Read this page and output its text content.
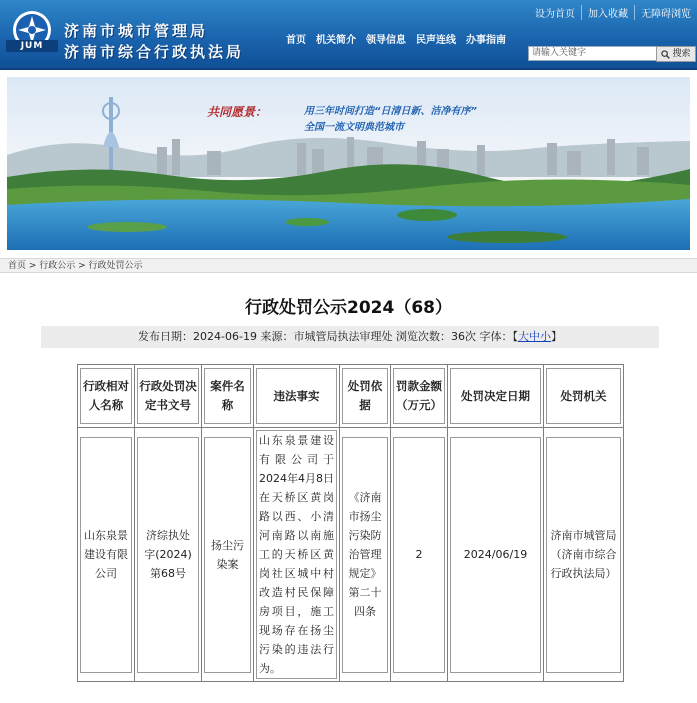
JUM
济南市城市管理局
济南市综合行政执法局
设为首页	加入收藏	无障碍浏览
首页 机关简介 领导信息 民声连线 办事指南
请输入关键字
搜索
共同愿景：	用三年时间打造“日清日新、洁净有序”
全国一流文明典范城市
首页 > 行政公示 > 行政处罚公示
行政处罚公示2024（68）
发布日期：2024-06-19 来源：市城管局执法审理处 浏览次数：36次 字体：【大中小】
行政相对人名称	行政处罚决定书文号	案件名称	违法事实	处罚依据	罚款金额（万元）	处罚决定日期	处罚机关

山东泉景建设有限公司	济综执处字(2024)第68号	扬尘污染案	山东泉景建设有限公司于2024年4月8日在天桥区黄岗路以西、小清河南路以南施工的天桥区黄岗社区城中村改造村民保障房项目，施工现场存在扬尘污染的违法行为。	《济南市扬尘污染防治管理规定》第二十四条	2	2024/06/19	济南市城管局（济南市综合行政执法局）
